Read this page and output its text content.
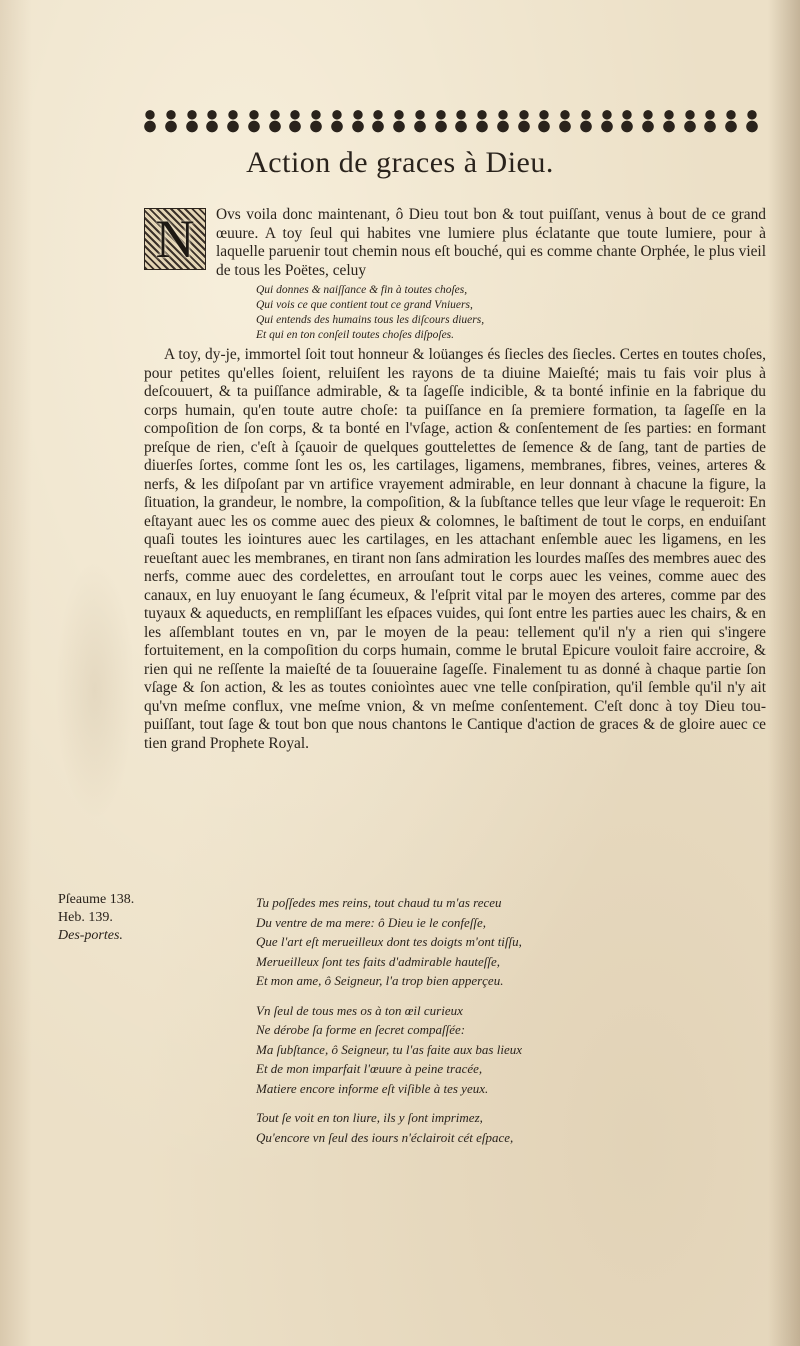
Action de graces à Dieu.
N	Ovs voila donc maintenant, ô Dieu tout bon & tout puiſſant, venus à bout de ce grand œuure. A toy ſeul qui habites vne lumiere plus éclatante que toute lumiere, pour à laquelle paruenir tout chemin nous eſt bouché, qui es comme chante Orphée, le plus vieil de tous les Poëtes, celuy

Qui donnes & naiſſance & fin à toutes choſes,
Qui vois ce que contient tout ce grand Vniuers,
Qui entends des humains tous les diſcours diuers,
Et qui en ton conſeil toutes choſes diſpoſes.

A toy, dy-je, immortel ſoit tout honneur & loüanges és ſiecles des ſiecles. Certes en toutes choſes, pour petites qu'elles ſoient, reluiſent les rayons de ta diuine Maieſté; mais tu fais voir plus à deſcouuert, & ta puiſſance admirable, & ta ſageſſe indicible, & ta bonté infinie en la fabrique du corps humain, qu'en toute autre choſe: ta puiſſance en ſa premiere formation, ta ſageſſe en la compoſition de ſon corps, & ta bonté en l'vſage, action & conſentement de ſes parties: en formant preſque de rien, c'eſt à ſçauoir de quelques gouttelettes de ſemence & de ſang, tant de parties de diuerſes ſortes, comme ſont les os, les cartilages, ligamens, membranes, fibres, veines, arteres & nerfs, & les diſpoſant par vn artifice vrayement admirable, en leur donnant à chacune la figure, la ſituation, la grandeur, le nombre, la compoſition, & la ſubſtance telles que leur vſage le requeroit: En eſtayant auec les os comme auec des pieux & colomnes, le baſtiment de tout le corps, en enduiſant quaſi toutes les iointures auec les cartilages, en les attachant enſemble auec les ligamens, en les reueſtant auec les membranes, en tirant non ſans admiration les lourdes maſſes des membres auec des nerfs, comme auec des cordelettes, en arrouſant tout le corps auec les veines, comme auec des canaux, en luy enuoyant le ſang écumeux, & l'eſprit vital par le moyen des arteres, comme par des tuyaux & aqueducts, en rempliſſant les eſpaces vuides, qui ſont entre les parties auec les chairs, & en les aſſemblant toutes en vn, par le moyen de la peau: tellement qu'il n'y a rien qui s'ingere fortuitement, en la compoſition du corps humain, comme le brutal Epicure vouloit faire accroire, & rien qui ne reſſente la maieſté de ta ſouueraine ſageſſe. Finalement tu as donné à chaque partie ſon vſage & ſon action, & les as toutes conioìntes auec vne telle conſpiration, qu'il ſemble qu'il n'y ait qu'vn meſme conflux, vne meſme vnion, & vn meſme conſentement. C'eſt donc à toy Dieu tou-puiſſant, tout ſage & tout bon que nous chantons le Cantique d'action de graces & de gloire auec ce tien grand Prophete Royal.

Pſeaume 138.
Heb. 139.
Des-portes.
Tu poſſedes mes reins, tout chaud tu m'as receu
Du ventre de ma mere: ô Dieu ie le confeſſe,
Que l'art eſt merueilleux dont tes doigts m'ont tiſſu,
Merueilleux ſont tes faits d'admirable hauteſſe,
Et mon ame, ô Seigneur, l'a trop bien apperçeu.
Vn ſeul de tous mes os à ton œil curieux
Ne dérobe ſa forme en ſecret compaſſée:
Ma ſubſtance, ô Seigneur, tu l'as faite aux bas lieux
Et de mon imparfait l'œuure à peine tracée,
Matiere encore informe eſt viſible à tes yeux.
Tout ſe voit en ton liure, ils y ſont imprimez,
Qu'encore vn ſeul des iours n'éclairoit cét eſpace,
